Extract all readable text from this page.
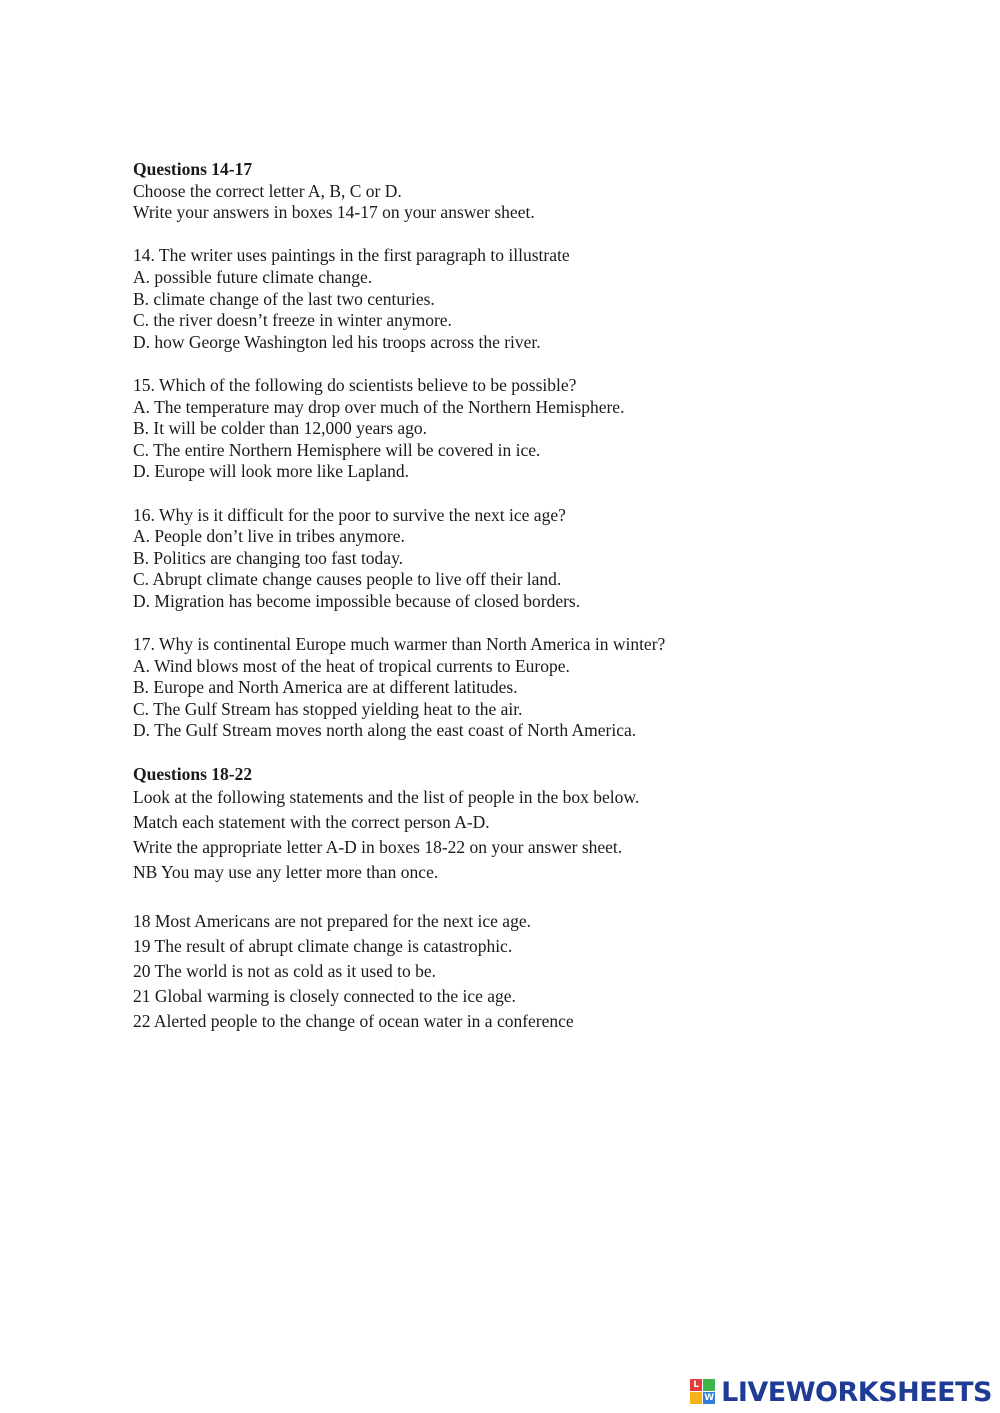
Questions 14-17
Choose the correct letter A, B, C or D.
Write your answers in boxes 14-17 on your answer sheet.
14. The writer uses paintings in the first paragraph to illustrate
A. possible future climate change.
B. climate change of the last two centuries.
C. the river doesn’t freeze in winter anymore.
D. how George Washington led his troops across the river.
15. Which of the following do scientists believe to be possible?
A. The temperature may drop over much of the Northern Hemisphere.
B. It will be colder than 12,000 years ago.
C. The entire Northern Hemisphere will be covered in ice.
D. Europe will look more like Lapland.
16. Why is it difficult for the poor to survive the next ice age?
A. People don’t live in tribes anymore.
B. Politics are changing too fast today.
C. Abrupt climate change causes people to live off their land.
D. Migration has become impossible because of closed borders.
17. Why is continental Europe much warmer than North America in winter?
A. Wind blows most of the heat of tropical currents to Europe.
B. Europe and North America are at different latitudes.
C. The Gulf Stream has stopped yielding heat to the air.
D. The Gulf Stream moves north along the east coast of North America.
Questions 18-22
Look at the following statements and the list of people in the box below.
Match each statement with the correct person A-D.
Write the appropriate letter A-D in boxes 18-22 on your answer sheet.
NB You may use any letter more than once.
18 Most Americans are not prepared for the next ice age.
19 The result of abrupt climate change is catastrophic.
20 The world is not as cold as it used to be.
21 Global warming is closely connected to the ice age.
22 Alerted people to the change of ocean water in a conference
L
W LIVEWORKSHEETS
